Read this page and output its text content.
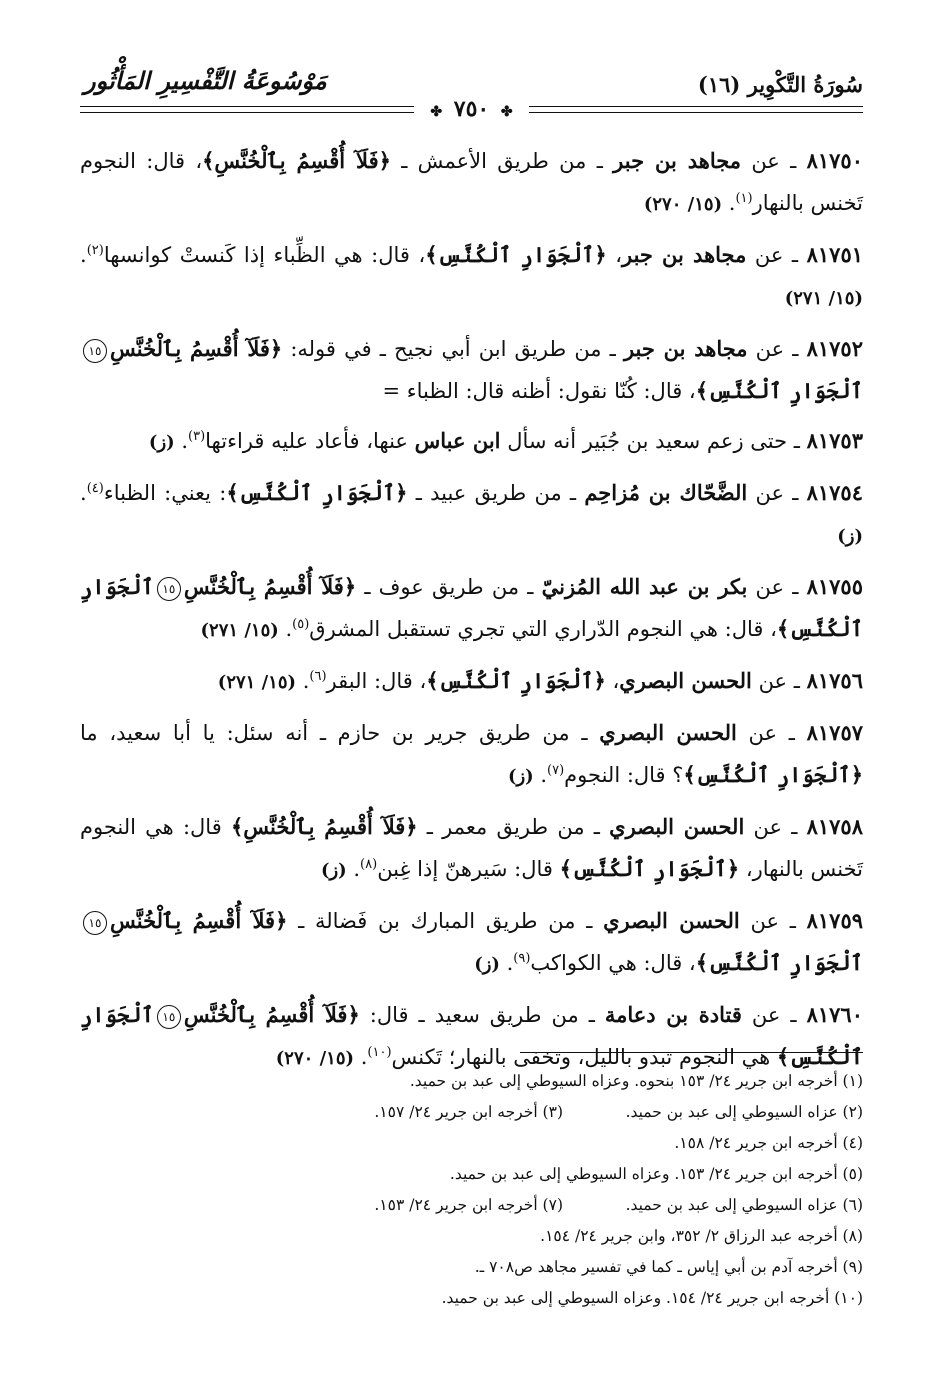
سُورَةُ التَّكْوِير (١٦)
مَوْسُوعَةُ التَّفْسِيرِ المَأْثُور
✤ ٧٥٠ ✤
٨١٧٥٠ ـ عن مجاهد بن جبر ـ من طريق الأعمش ـ ﴿فَلَآ أُقْسِمُ بِٱلْخُنَّسِ﴾، قال: النجوم تَخنس بالنهار$^{(١)}$. (١٥/ ٢٧٠)
٨١٧٥١ ـ عن مجاهد بن جبر، ﴿ٱلْجَوَارِ ٱلْكُنَّسِ﴾، قال: هي الظِّباء إذا كَنستْ كوانسها$^{(٢)}$. (١٥/ ٢٧١)
٨١٧٥٢ ـ عن مجاهد بن جبر ـ من طريق ابن أبي نجيح ـ في قوله: ﴿فَلَآ أُقْسِمُ بِٱلْخُنَّسِ١٥ٱلْجَوَارِ ٱلْكُنَّسِ﴾، قال: كُنّا نقول: أظنه قال: الظباء =
٨١٧٥٣ ـ حتى زعم سعيد بن جُبَير أنه سأل ابن عباس عنها، فأعاد عليه قراءتها$^{(٣)}$. (ز)
٨١٧٥٤ ـ عن الضَّحّاك بن مُزاحِم ـ من طريق عبيد ـ ﴿ٱلْجَوَارِ ٱلْكُنَّسِ﴾: يعني: الظباء$^{(٤)}$. (ز)
٨١٧٥٥ ـ عن بكر بن عبد الله المُزنيّ ـ من طريق عوف ـ ﴿فَلَآ أُقْسِمُ بِٱلْخُنَّسِ١٥ٱلْجَوَارِ ٱلْكُنَّسِ﴾، قال: هي النجوم الدّراري التي تجري تستقبل المشرق$^{(٥)}$. (١٥/ ٢٧١)
٨١٧٥٦ ـ عن الحسن البصري، ﴿ٱلْجَوَارِ ٱلْكُنَّسِ﴾، قال: البقر$^{(٦)}$. (١٥/ ٢٧١)
٨١٧٥٧ ـ عن الحسن البصري ـ من طريق جرير بن حازم ـ أنه سئل: يا أبا سعيد، ما ﴿ٱلْجَوَارِ ٱلْكُنَّسِ﴾؟ قال: النجوم$^{(٧)}$. (ز)
٨١٧٥٨ ـ عن الحسن البصري ـ من طريق معمر ـ ﴿فَلَآ أُقْسِمُ بِٱلْخُنَّسِ﴾ قال: هي النجوم تَخنس بالنهار، ﴿ٱلْجَوَارِ ٱلْكُنَّسِ﴾ قال: سَيرهنّ إذا غِبن$^{(٨)}$. (ز)
٨١٧٥٩ ـ عن الحسن البصري ـ من طريق المبارك بن فَضالة ـ ﴿فَلَآ أُقْسِمُ بِٱلْخُنَّسِ١٥ٱلْجَوَارِ ٱلْكُنَّسِ﴾، قال: هي الكواكب$^{(٩)}$. (ز)
٨١٧٦٠ ـ عن قتادة بن دعامة ـ من طريق سعيد ـ قال: ﴿فَلَآ أُقْسِمُ بِٱلْخُنَّسِ١٥ٱلْجَوَارِ ٱلْكُنَّسِ﴾ هي النجوم تبدو بالليل، وتخفى بالنهار؛ تَكنس$^{(١٠)}$. (١٥/ ٢٧٠)
(١) أخرجه ابن جرير ٢٤/ ١٥٣ بنحوه. وعزاه السيوطي إلى عبد بن حميد.
(٢) عزاه السيوطي إلى عبد بن حميد.
(٣) أخرجه ابن جرير ٢٤/ ١٥٧.
(٤) أخرجه ابن جرير ٢٤/ ١٥٨.
(٥) أخرجه ابن جرير ٢٤/ ١٥٣. وعزاه السيوطي إلى عبد بن حميد.
(٦) عزاه السيوطي إلى عبد بن حميد.
(٧) أخرجه ابن جرير ٢٤/ ١٥٣.
(٨) أخرجه عبد الرزاق ٢/ ٣٥٢، وابن جرير ٢٤/ ١٥٤.
(٩) أخرجه آدم بن أبي إياس ـ كما في تفسير مجاهد ص٧٠٨ ـ.
(١٠) أخرجه ابن جرير ٢٤/ ١٥٤. وعزاه السيوطي إلى عبد بن حميد.
